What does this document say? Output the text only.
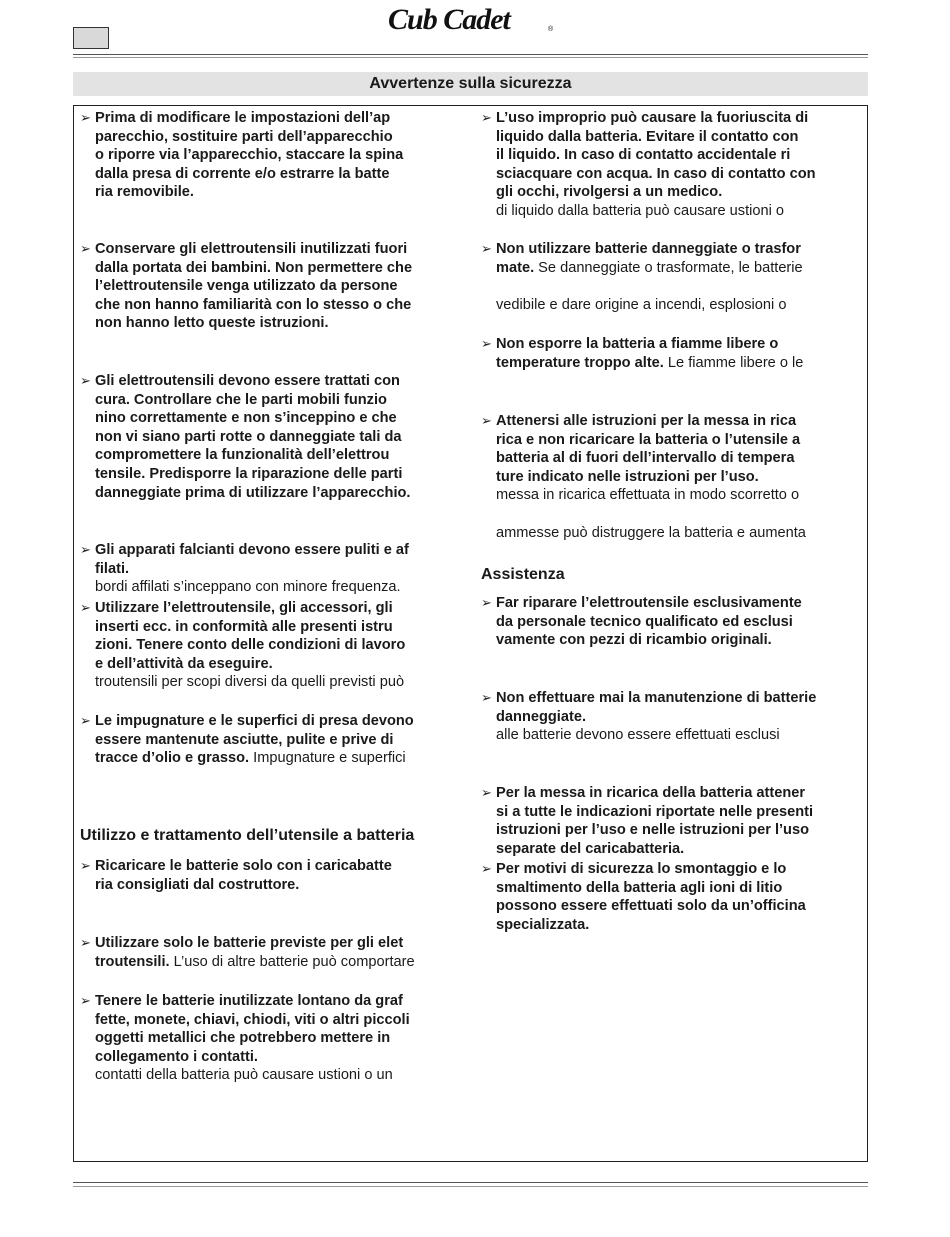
Cub Cadet	®
Avvertenze sulla sicurezza
➢ Prima di modificare le impostazioni dell’ap
parecchio, sostituire parti dell’apparecchio
o riporre via l’apparecchio, staccare la spina
dalla presa di corrente e/o estrarre la batte
ria removibile.
➢ Conservare gli elettroutensili inutilizzati fuori
dalla portata dei bambini. Non permettere che
l’elettroutensile venga utilizzato da persone
che non hanno familiarità con lo stesso o che
non hanno letto queste istruzioni.
➢ Gli elettroutensili devono essere trattati con
cura. Controllare che le parti mobili funzio
nino correttamente e non s’inceppino e che
non vi siano parti rotte o danneggiate tali da
compromettere la funzionalità dell’elettrou
tensile. Predisporre la riparazione delle parti
danneggiate prima di utilizzare l’apparecchio.
➢ Gli apparati falcianti devono essere puliti e af
filati.
bordi affilati s’inceppano con minore frequenza.
➢ Utilizzare l’elettroutensile, gli accessori, gli
inserti ecc. in conformità alle presenti istru
zioni. Tenere conto delle condizioni di lavoro
e dell’attività da eseguire.
troutensili per scopi diversi da quelli previsti può
➢ Le impugnature e le superfici di presa devono
essere mantenute asciutte, pulite e prive di
tracce d’olio e grasso. Impugnature e superfici
Utilizzo e trattamento dell’utensile a batteria
➢ Ricaricare le batterie solo con i caricabatte
ria consigliati dal costruttore.
➢ Utilizzare solo le batterie previste per gli elet
troutensili. L’uso di altre batterie può comportare
➢ Tenere le batterie inutilizzate lontano da graf
fette, monete, chiavi, chiodi, viti o altri piccoli
oggetti metallici che potrebbero mettere in
collegamento i contatti.
contatti della batteria può causare ustioni o un
➢ L’uso improprio può causare la fuoriuscita di
liquido dalla batteria. Evitare il contatto con
il liquido. In caso di contatto accidentale ri
sciacquare con acqua. In caso di contatto con
gli occhi, rivolgersi a un medico.
di liquido dalla batteria può causare ustioni o
➢ Non utilizzare batterie danneggiate o trasfor
mate. Se danneggiate o trasformate, le batterie

vedibile e dare origine a incendi, esplosioni o
➢ Non esporre la batteria a fiamme libere o
temperature troppo alte. Le fiamme libere o le
➢ Attenersi alle istruzioni per la messa in rica
rica e non ricaricare la batteria o l’utensile a
batteria al di fuori dell’intervallo di tempera
ture indicato nelle istruzioni per l’uso.
messa in ricarica effettuata in modo scorretto o

ammesse può distruggere la batteria e aumenta
Assistenza
➢ Far riparare l’elettroutensile esclusivamente
da personale tecnico qualificato ed esclusi
vamente con pezzi di ricambio originali.
➢ Non effettuare mai la manutenzione di batterie
danneggiate.
alle batterie devono essere effettuati esclusi
➢ Per la messa in ricarica della batteria attener
si a tutte le indicazioni riportate nelle presenti
istruzioni per l’uso e nelle istruzioni per l’uso
separate del caricabatteria.
➢ Per motivi di sicurezza lo smontaggio e lo
smaltimento della batteria agli ioni di litio
possono essere effettuati solo da un’officina
specializzata.
